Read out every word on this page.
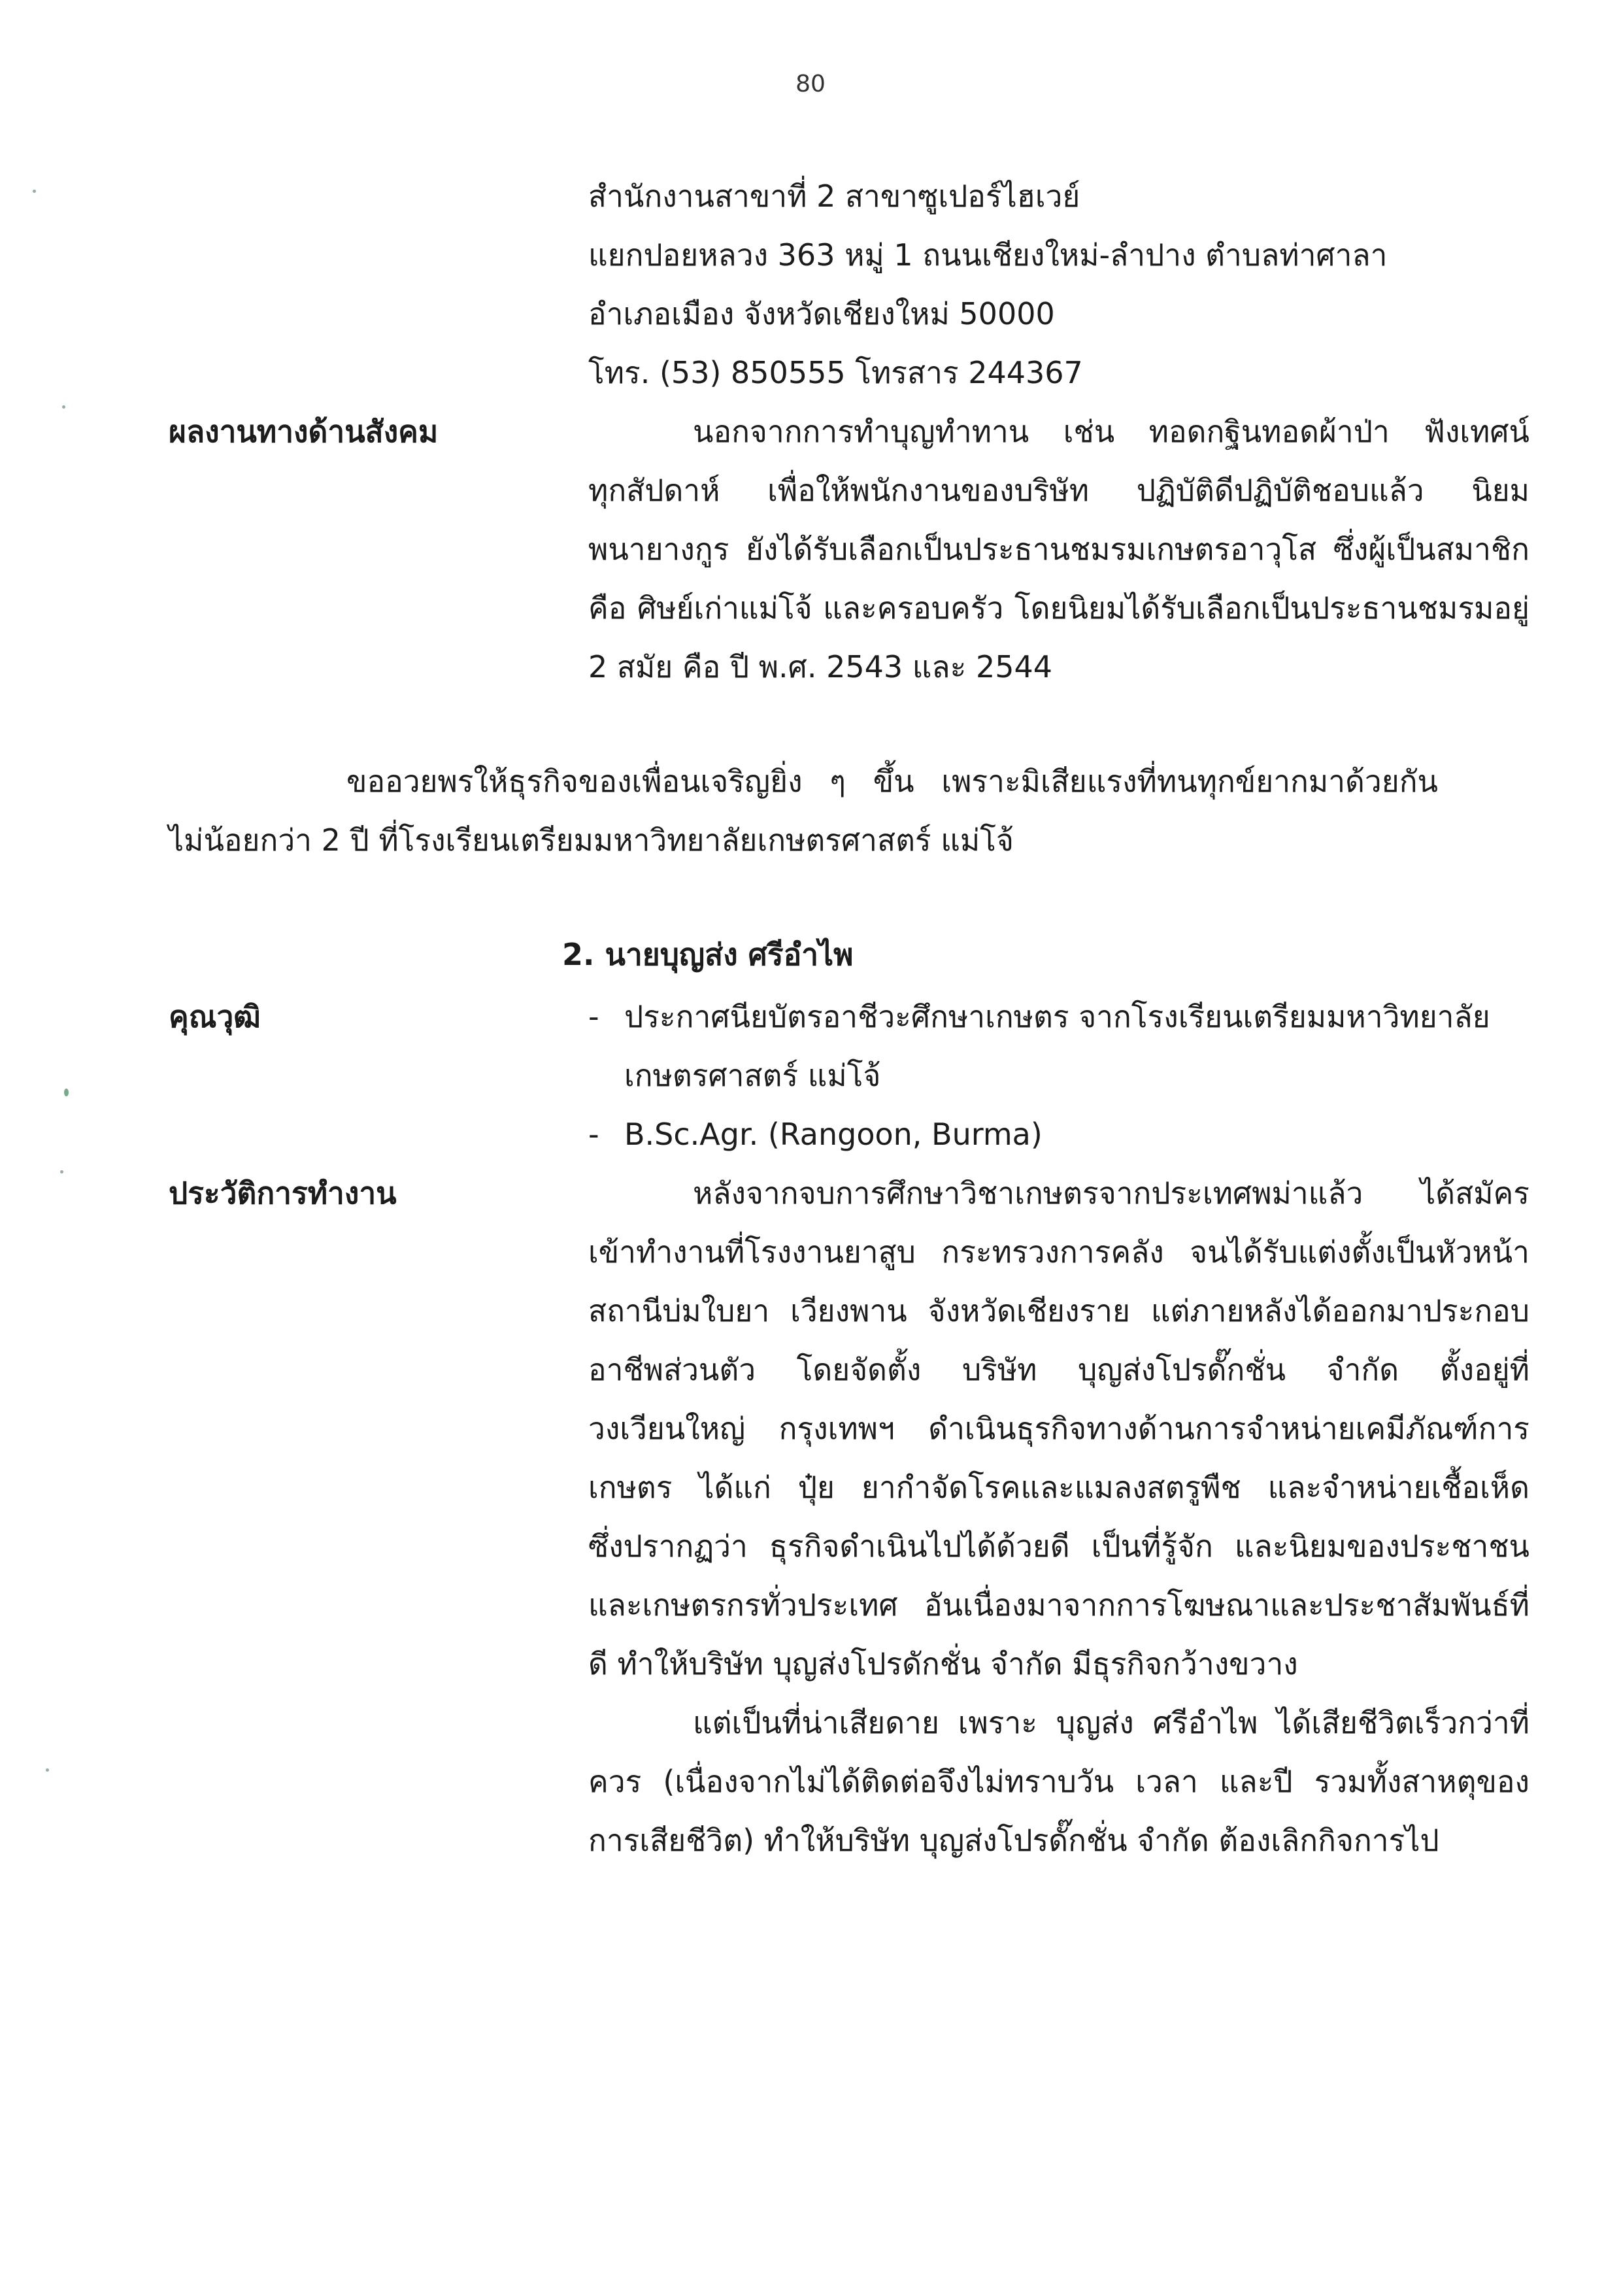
80
สำนักงานสาขาที่ 2 สาขาซูเปอร์ไฮเวย์
แยกปอยหลวง 363 หมู่ 1 ถนนเชียงใหม่-ลำปาง ตำบลท่าศาลา
อำเภอเมือง จังหวัดเชียงใหม่ 50000
โทร. (53) 850555 โทรสาร 244367
ผลงานทางด้านสังคม	นอกจากการทำบุญทำทาน เช่น ทอดกฐินทอดผ้าป่า ฟังเทศน์
ทุกสัปดาห์ เพื่อให้พนักงานของบริษัท ปฏิบัติดีปฏิบัติชอบแล้ว นิยม
พนายางกูร ยังได้รับเลือกเป็นประธานชมรมเกษตรอาวุโส ซึ่งผู้เป็นสมาชิก
คือ ศิษย์เก่าแม่โจ้ และครอบครัว โดยนิยมได้รับเลือกเป็นประธานชมรมอยู่
2 สมัย คือ ปี พ.ศ. 2543 และ 2544
ขออวยพรให้ธุรกิจของเพื่อนเจริญยิ่ง ๆ ขึ้น เพราะมิเสียแรงที่ทนทุกข์ยากมาด้วยกัน
ไม่น้อยกว่า 2 ปี ที่โรงเรียนเตรียมมหาวิทยาลัยเกษตรศาสตร์ แม่โจ้
2. นายบุญส่ง ศรีอำไพ
คุณวุฒิ	- ประกาศนียบัตรอาชีวะศึกษาเกษตร จากโรงเรียนเตรียมมหาวิทยาลัย
เกษตรศาสตร์ แม่โจ้
- B.Sc.Agr. (Rangoon, Burma)
ประวัติการทำงาน	หลังจากจบการศึกษาวิชาเกษตรจากประเทศพม่าแล้ว ได้สมัคร
เข้าทำงานที่โรงงานยาสูบ กระทรวงการคลัง จนได้รับแต่งตั้งเป็นหัวหน้า
สถานีบ่มใบยา เวียงพาน จังหวัดเชียงราย แต่ภายหลังได้ออกมาประกอบ
อาชีพส่วนตัว โดยจัดตั้ง บริษัท บุญส่งโปรดั๊กชั่น จำกัด ตั้งอยู่ที่
วงเวียนใหญ่ กรุงเทพฯ ดำเนินธุรกิจทางด้านการจำหน่ายเคมีภัณฑ์การ
เกษตร ได้แก่ ปุ๋ย ยากำจัดโรคและแมลงสตรูพืช และจำหน่ายเชื้อเห็ด
ซึ่งปรากฏว่า ธุรกิจดำเนินไปได้ด้วยดี เป็นที่รู้จัก และนิยมของประชาชน
และเกษตรกรทั่วประเทศ อันเนื่องมาจากการโฆษณาและประชาสัมพันธ์ที่
ดี ทำให้บริษัท บุญส่งโปรดักชั่น จำกัด มีธุรกิจกว้างขวาง
แต่เป็นที่น่าเสียดาย เพราะ บุญส่ง ศรีอำไพ ได้เสียชีวิตเร็วกว่าที่
ควร (เนื่องจากไม่ได้ติดต่อจึงไม่ทราบวัน เวลา และปี รวมทั้งสาหตุของ
การเสียชีวิต) ทำให้บริษัท บุญส่งโปรดั๊กชั่น จำกัด ต้องเลิกกิจการไป
